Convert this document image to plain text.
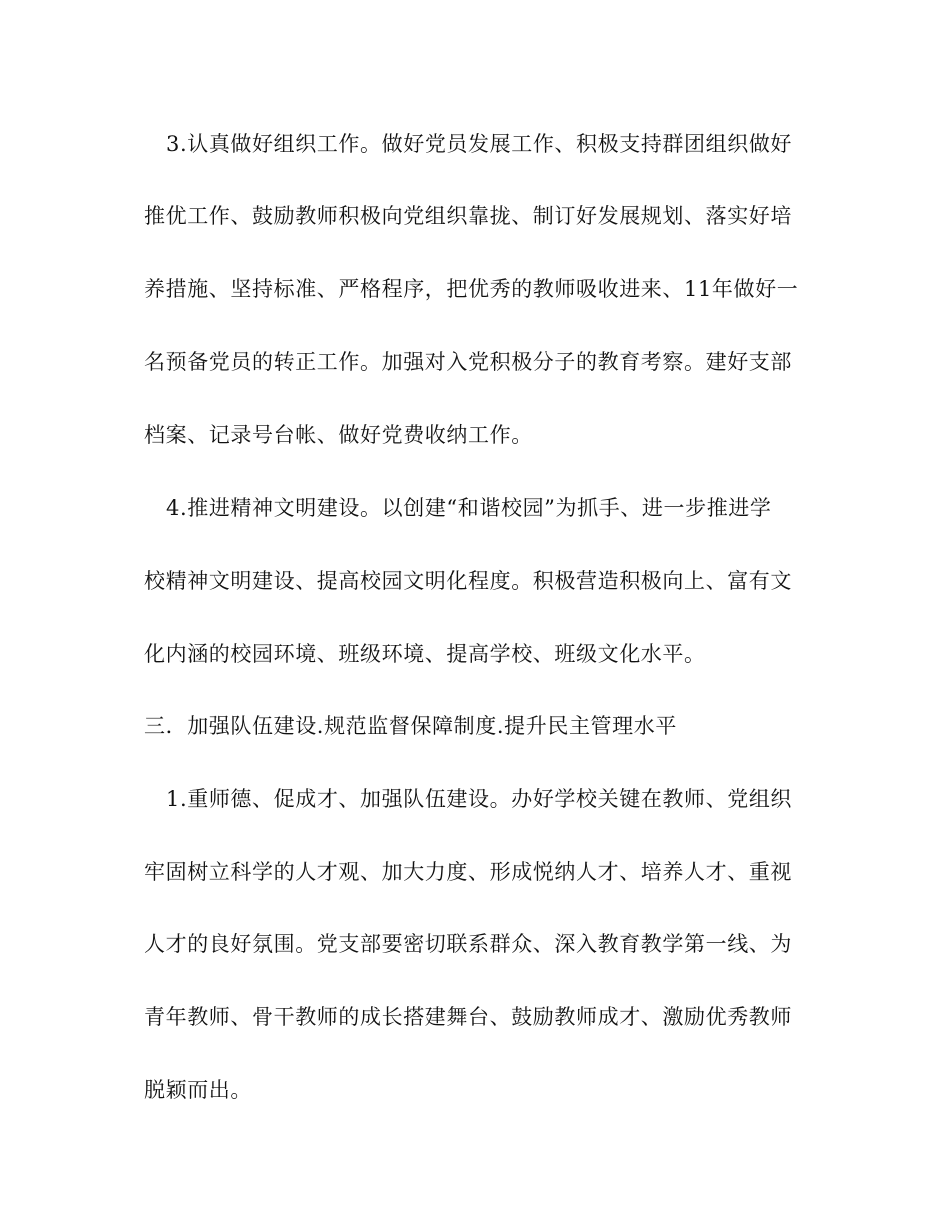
3.认真做好组织工作。做好党员发展工作、积极支持群团组织做好
推优工作、鼓励教师积极向党组织靠拢、制订好发展规划、落实好培
养措施、坚持标准、严格程序，把优秀的教师吸收进来、11年做好一
名预备党员的转正工作。加强对入党积极分子的教育考察。建好支部
档案、记录号台帐、做好党费收纳工作。
4.推进精神文明建设。以创建“和谐校园”为抓手、进一步推进学
校精神文明建设、提高校园文明化程度。积极营造积极向上、富有文
化内涵的校园环境、班级环境、提高学校、班级文化水平。
三．加强队伍建设.规范监督保障制度.提升民主管理水平
1.重师德、促成才、加强队伍建设。办好学校关键在教师、党组织
牢固树立科学的人才观、加大力度、形成悦纳人才、培养人才、重视
人才的良好氛围。党支部要密切联系群众、深入教育教学第一线、为
青年教师、骨干教师的成长搭建舞台、鼓励教师成才、激励优秀教师
脱颖而出。
